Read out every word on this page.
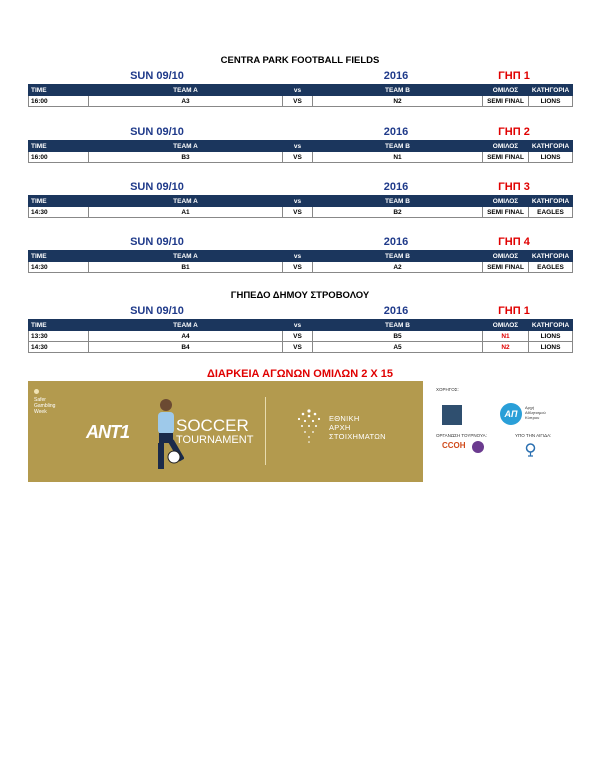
CENTRA PARK FOOTBALL FIELDS
SUN 09/10	2016	ΓΗΠ 1
TIME	TEAM A	vs	TEAM B	ΟΜΙΛΟΣ	ΚΑΤΗΓΟΡΙΑ
16:00	A3	VS	N2	SEMI FINAL	LIONS
SUN 09/10	2016	ΓΗΠ 2
TIME	TEAM A	vs	TEAM B	ΟΜΙΛΟΣ	ΚΑΤΗΓΟΡΙΑ
16:00	B3	VS	N1	SEMI FINAL	LIONS
SUN 09/10	2016	ΓΗΠ 3
TIME	TEAM A	vs	TEAM B	ΟΜΙΛΟΣ	ΚΑΤΗΓΟΡΙΑ
14:30	A1	VS	B2	SEMI FINAL	EAGLES
SUN 09/10	2016	ΓΗΠ 4
TIME	TEAM A	vs	TEAM B	ΟΜΙΛΟΣ	ΚΑΤΗΓΟΡΙΑ
14:30	B1	VS	A2	SEMI FINAL	EAGLES
ΓΗΠΕΔΟ ΔΗΜΟΥ ΣΤΡΟΒΟΛΟΥ
SUN 09/10	2016	ΓΗΠ 1
TIME	TEAM A	vs	TEAM B	ΟΜΙΛΟΣ	ΚΑΤΗΓΟΡΙΑ
13:30	A4	VS	B5	N1	LIONS
14:30	B4	VS	A5	N2	LIONS
ΔΙΑΡΚΕΙΑ ΑΓΩΝΩΝ ΟΜΙΛΩΝ 2 X 15

Safer
Gambling
Week
ANT1	SOCCER
TOURNAMENT
ΕΘΝΙΚΗ
ΑΡΧΗ
ΣΤΟΙΧΗΜΑΤΩΝ
ΧΟΡΗΓΟΣ:
AΠ
Αρχή
Αθλητισμού
Κύπρου
ΟΡΓΑΝΩΣΗ ΤΟΥΡΝΟΥΑ:	ΥΠΟ ΤΗΝ ΑΙΓΙΔΑ:
CCOH
